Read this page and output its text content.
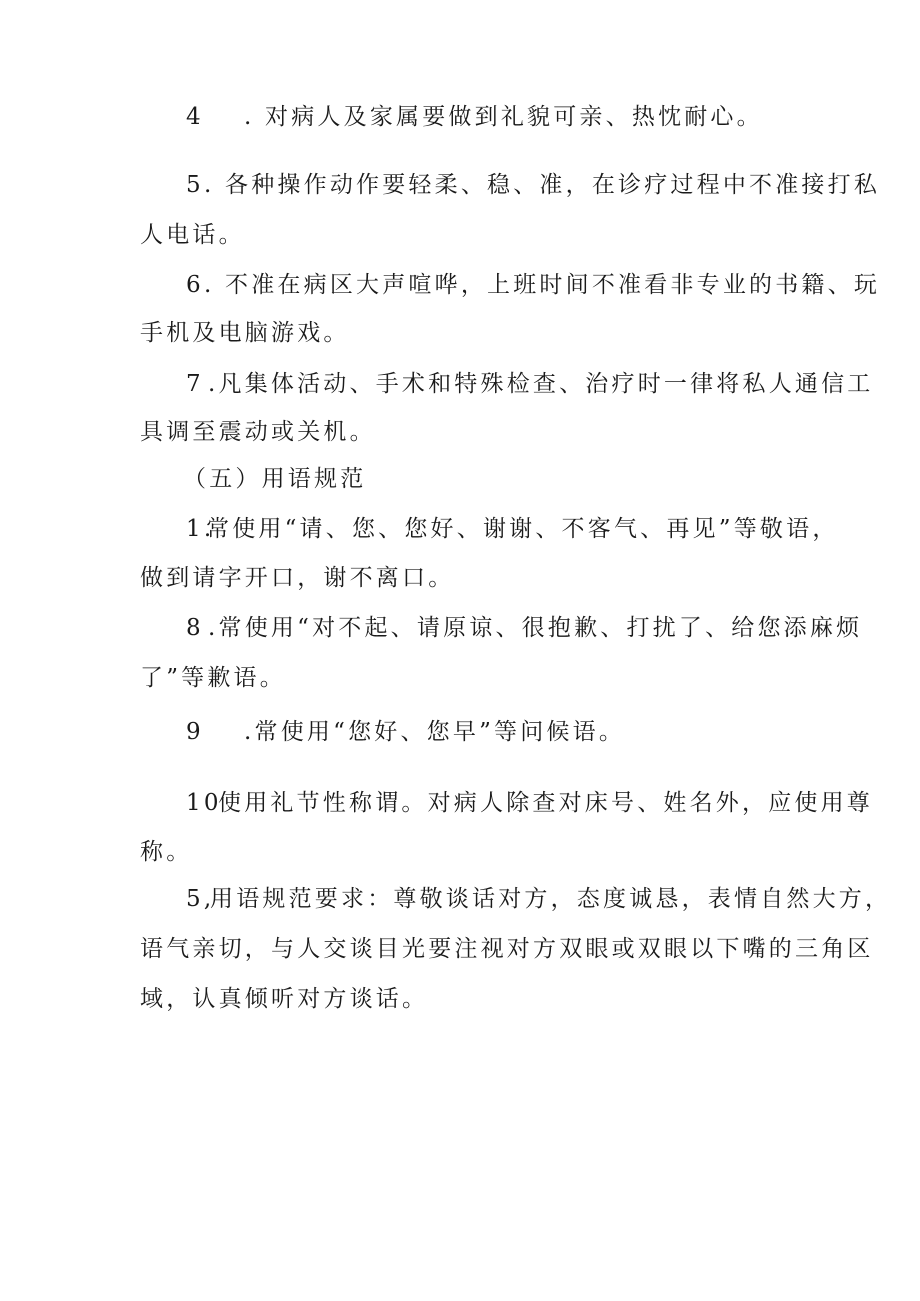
4 . 对病人及家属要做到礼貌可亲、热忱耐心。
5. 各种操作动作要轻柔、稳、准，在诊疗过程中不准接打私
人电话。
6. 不准在病区大声喧哗，上班时间不准看非专业的书籍、玩
手机及电脑游戏。
7 .凡集体活动、手术和特殊检查、治疗时一律将私人通信工
具调至震动或关机。
（五）用语规范
1.常使用“请、您、您好、谢谢、不客气、再见”等敬语，
做到请字开口，谢不离口。
8 .常使用“对不起、请原谅、很抱歉、打扰了、给您添麻烦
了”等歉语。
9 .常使用“您好、您早”等问候语。
10使用礼节性称谓。对病人除查对床号、姓名外，应使用尊
称。
5,用语规范要求：尊敬谈话对方，态度诚恳，表情自然大方，
语气亲切，与人交谈目光要注视对方双眼或双眼以下嘴的三角区
域，认真倾听对方谈话。
